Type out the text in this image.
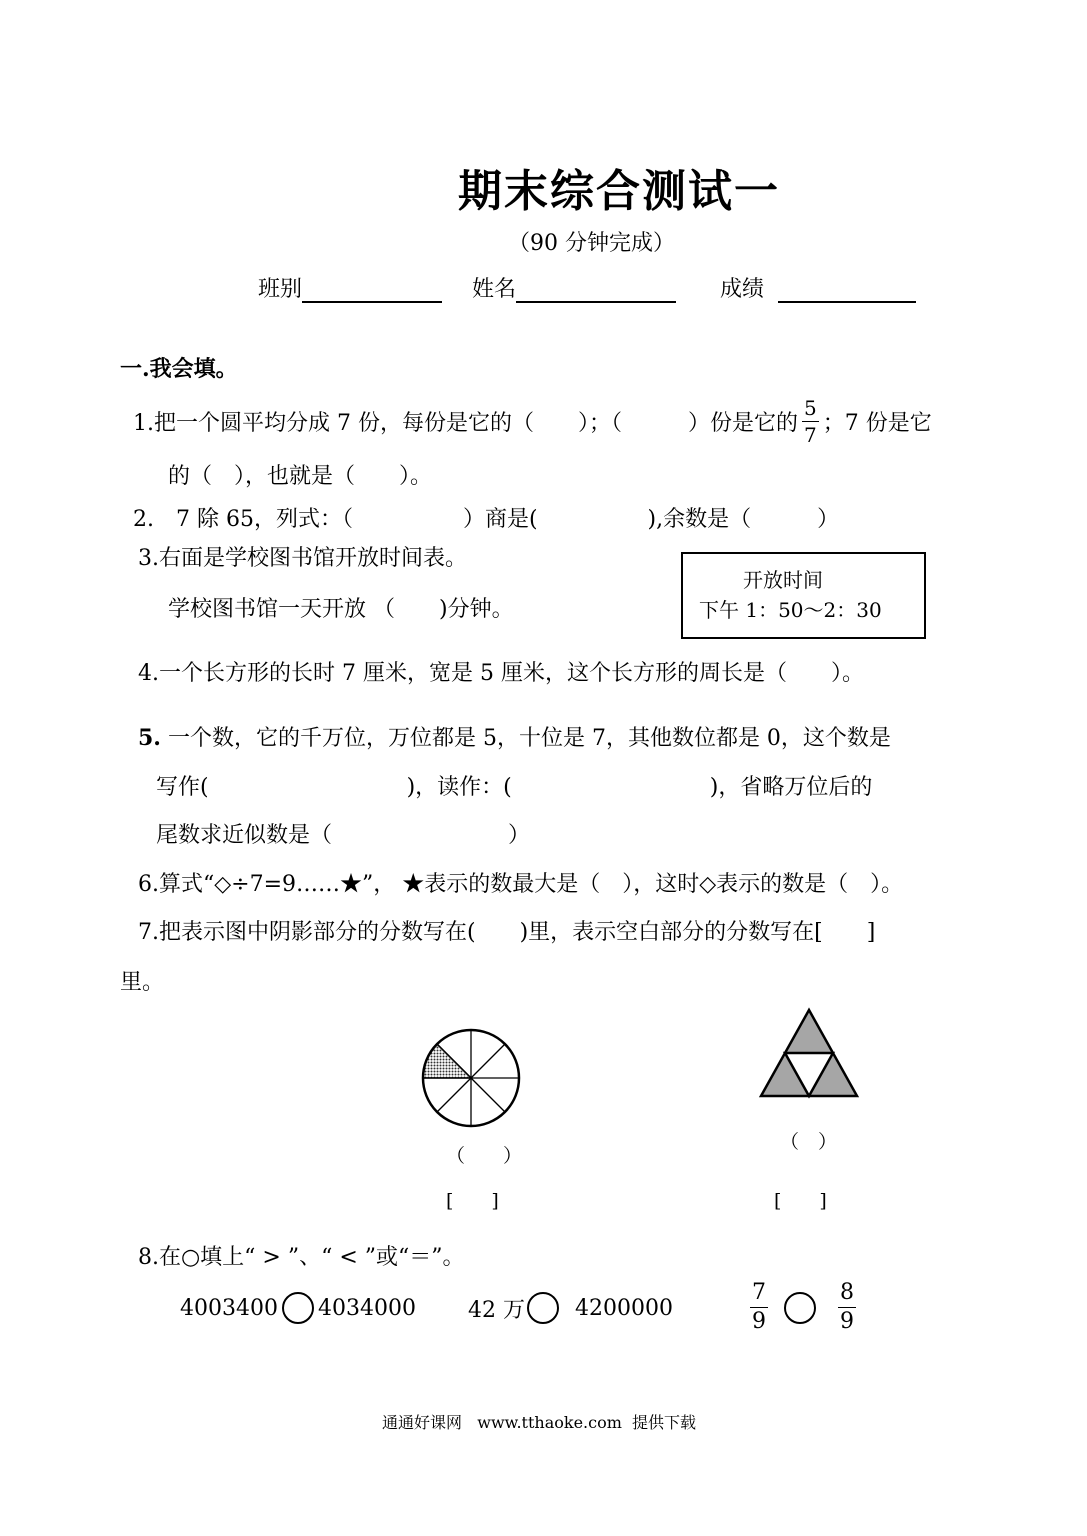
期末综合测试一
（90 分钟完成）
班别	姓名	成绩
一.我会填。
1.把一个圆平均分成 7 份，每份是它的（　　）；（　　　）份是它的 $\frac{5}{7}$ ；7 份是它
的（　），也就是（　　）。
2.　7 除 65，列式：（　　　　　）商是(　　　　　),余数是（　　　）
3.右面是学校图书馆开放时间表。
学校图书馆一天开放 （　　)分钟。
开放时间
下午 1：50～2：30
4.一个长方形的长时 7 厘米，宽是 5 厘米，这个长方形的周长是（　　）。
5. 一个数，它的千万位，万位都是 5，十位是 7，其他数位都是 0，这个数是
写作(　　　　　　　　　)，读作：(　　　　　　　　　)，省略万位后的
尾数求近似数是（　　　　　　　　）
6.算式“◇÷7=9……★”， ★表示的数最大是（　），这时◇表示的数是（　）。
7.把表示图中阴影部分的分数写在(　　)里，表示空白部分的分数写在[　　]
里。
（　　）
[　　]
（　）
[　　]
8.在○填上“ > ”、“ < ”或“＝”。
4003400 4034000 42 万 4200000	$\frac{7}{9}$	$\frac{8}{9}$
通通好课网   www.tthaoke.com  提供下载
